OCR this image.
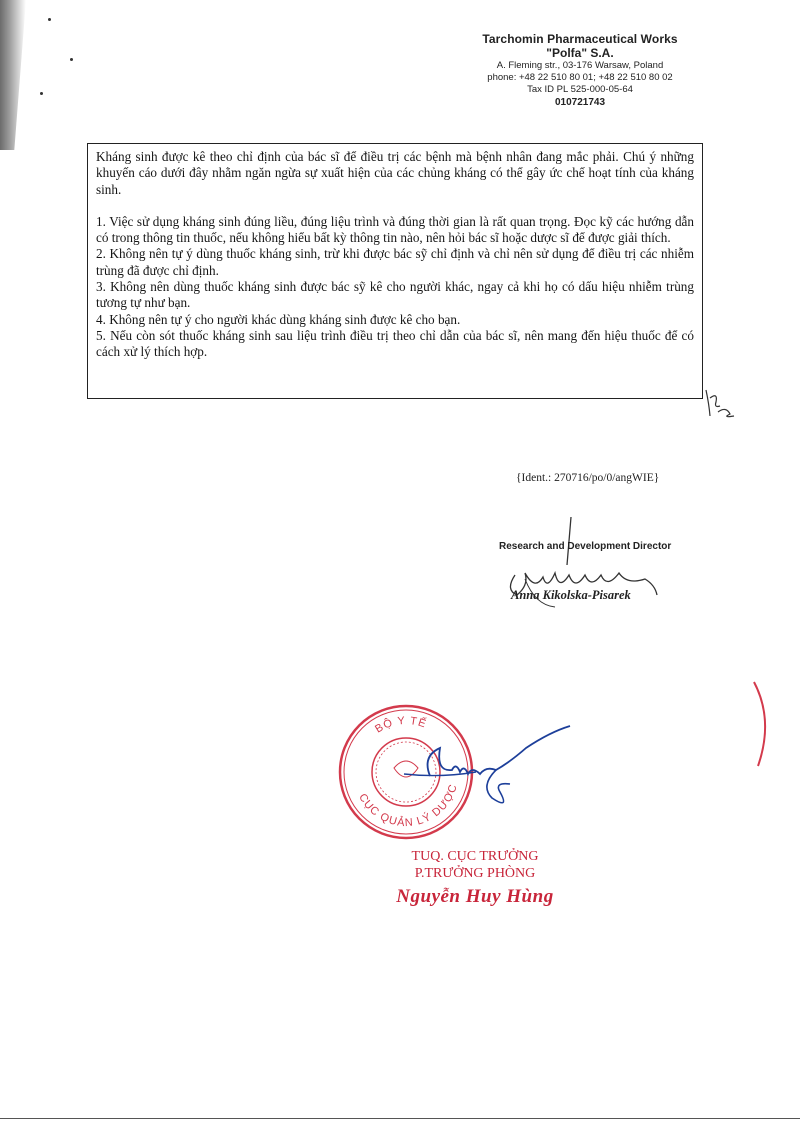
Tarchomin Pharmaceutical Works
"Polfa" S.A.
A. Fleming str., 03-176 Warsaw, Poland
phone: +48 22 510 80 01; +48 22 510 80 02
Tax ID PL 525-000-05-64
010721743

Kháng sinh được kê theo chỉ định của bác sĩ để điều trị các bệnh mà bệnh nhân đang mắc phải. Chú ý những khuyến cáo dưới đây nhằm ngăn ngừa sự xuất hiện của các chủng kháng có thể gây ức chế hoạt tính của kháng sinh.

1. Việc sử dụng kháng sinh đúng liều, đúng liệu trình và đúng thời gian là rất quan trọng. Đọc kỹ các hướng dẫn có trong thông tin thuốc, nếu không hiểu bất kỳ thông tin nào, nên hỏi bác sĩ hoặc dược sĩ để được giải thích.

2. Không nên tự ý dùng thuốc kháng sinh, trừ khi được bác sỹ chỉ định và chỉ nên sử dụng để điều trị các nhiễm trùng đã được chỉ định.

3. Không nên dùng thuốc kháng sinh được bác sỹ kê cho người khác, ngay cả khi họ có dấu hiệu nhiễm trùng tương tự như bạn.

4. Không nên tự ý cho người khác dùng kháng sinh được kê cho bạn.

5. Nếu còn sót thuốc kháng sinh sau liệu trình điều trị theo chỉ dẫn của bác sĩ, nên mang đến hiệu thuốc để có cách xử lý thích hợp.

{Ident.: 270716/po/0/angWIE}
Research and Development Director
Anna Kikolska-Pisarek
BỘ Y TẾ
CỤC QUẢN LÝ DƯỢC
TUQ. CỤC TRƯỞNG
P.TRƯỞNG PHÒNG
Nguyễn Huy Hùng
